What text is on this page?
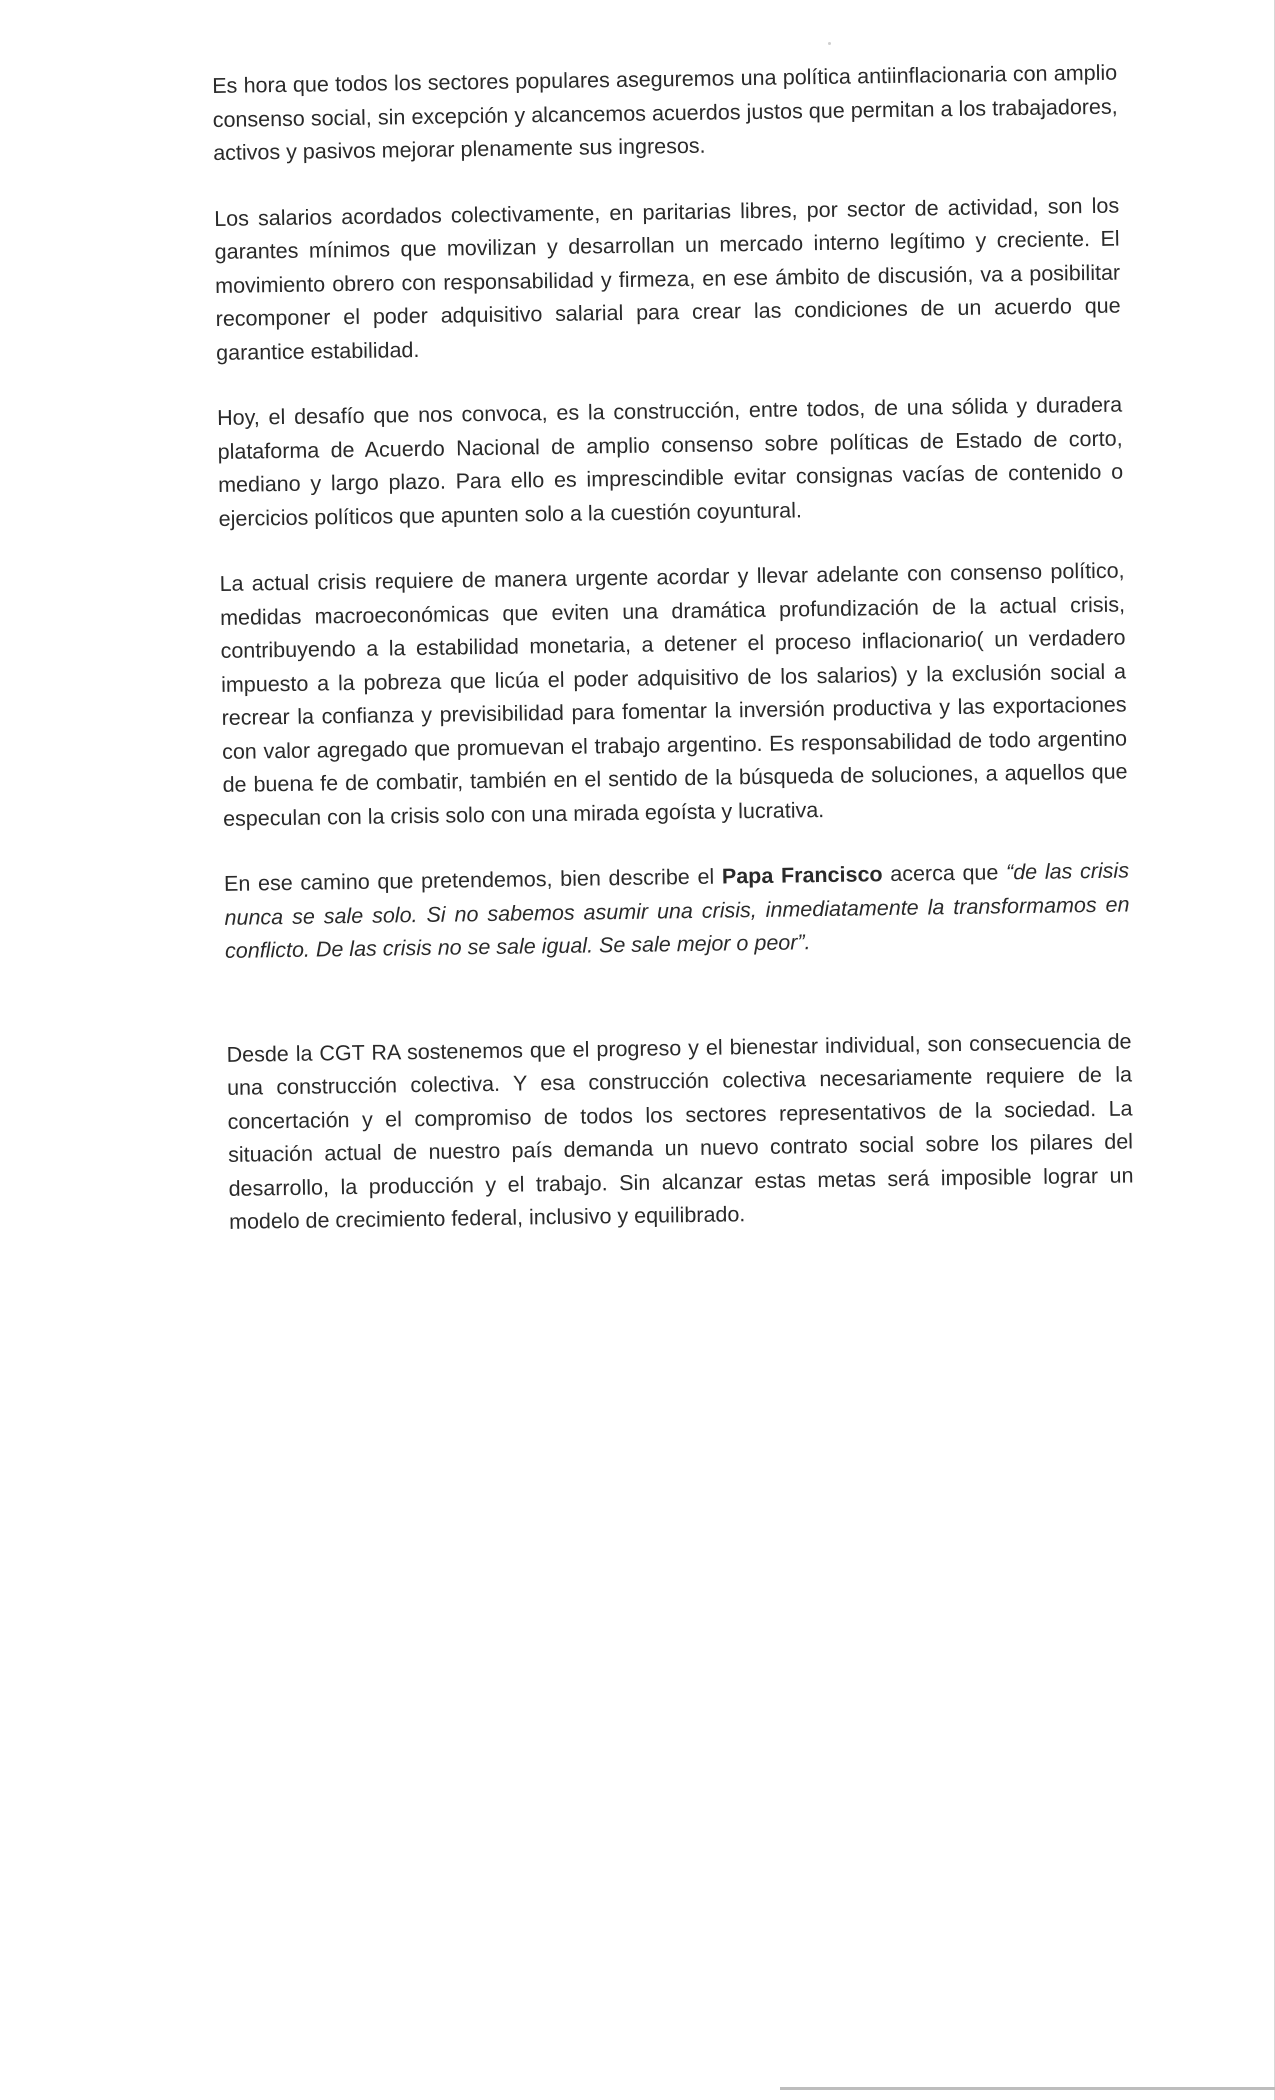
Es hora que todos los sectores populares aseguremos una política antiinflacionaria con amplio consenso social, sin excepción y alcancemos acuerdos justos que permitan a los trabajadores, activos y pasivos mejorar plenamente sus ingresos.

Los salarios acordados colectivamente, en paritarias libres, por sector de actividad, son los garantes mínimos que movilizan y desarrollan un mercado interno legítimo y creciente. El movimiento obrero con responsabilidad y firmeza, en ese ámbito de discusión, va a posibilitar recomponer el poder adquisitivo salarial para crear las condiciones de un acuerdo que garantice estabilidad.

Hoy, el desafío que nos convoca, es la construcción, entre todos, de una sólida y duradera plataforma de Acuerdo Nacional de amplio consenso sobre políticas de Estado de corto, mediano y largo plazo. Para ello es imprescindible evitar consignas vacías de contenido o ejercicios políticos que apunten solo a la cuestión coyuntural.

La actual crisis requiere de manera urgente acordar y llevar adelante con consenso político, medidas macroeconómicas que eviten una dramática profundización de la actual crisis, contribuyendo a la estabilidad monetaria, a detener el proceso inflacionario( un verdadero impuesto a la pobreza que licúa el poder adquisitivo de los salarios) y la exclusión social a recrear la confianza y previsibilidad para fomentar la inversión productiva y las exportaciones con valor agregado que promuevan el trabajo argentino. Es responsabilidad de todo argentino de buena fe de combatir, también en el sentido de la búsqueda de soluciones, a aquellos que especulan con la crisis solo con una mirada egoísta y lucrativa.

En ese camino que pretendemos, bien describe el Papa Francisco acerca que “de las crisis nunca se sale solo. Si no sabemos asumir una crisis, inmediatamente la transformamos en conflicto. De las crisis no se sale igual. Se sale mejor o peor”.

Desde la CGT RA sostenemos que el progreso y el bienestar individual, son consecuencia de una construcción colectiva. Y esa construcción colectiva necesariamente requiere de la concertación y el compromiso de todos los sectores representativos de la sociedad. La situación actual de nuestro país demanda un nuevo contrato social sobre los pilares del desarrollo, la producción y el trabajo. Sin alcanzar estas metas será imposible lograr un modelo de crecimiento federal, inclusivo y equilibrado.
